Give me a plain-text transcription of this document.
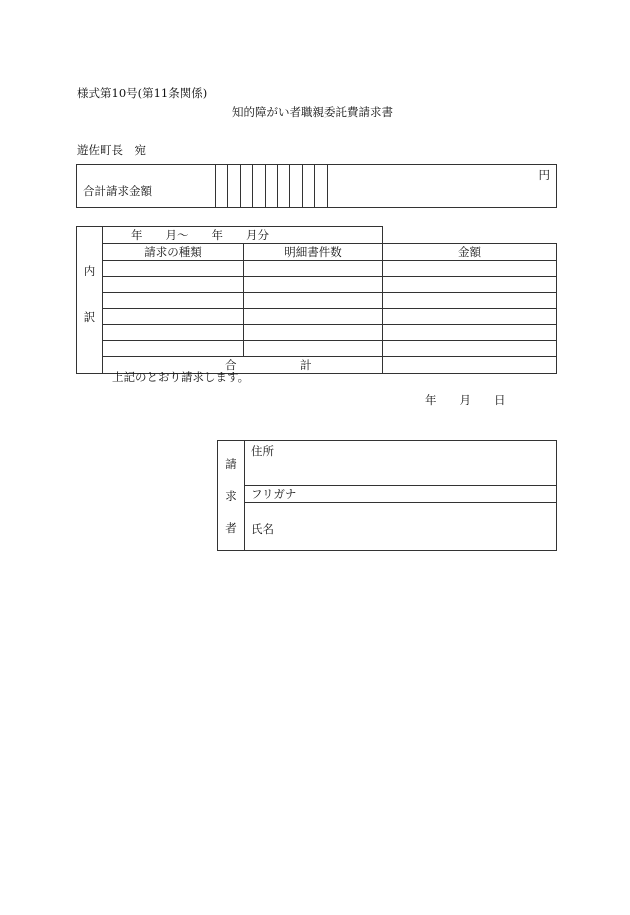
様式第10号(第11条関係)
知的障がい者職親委託費請求書
遊佐町長　宛
合計請求金額										円
内
訳	年　　月～　　年　　月分		
	請求の種類	明細書件数	金額

	合 計		
上記のとおり請求します。
年　　月　　日
請
求
者
	住所
フリガナ
氏名
